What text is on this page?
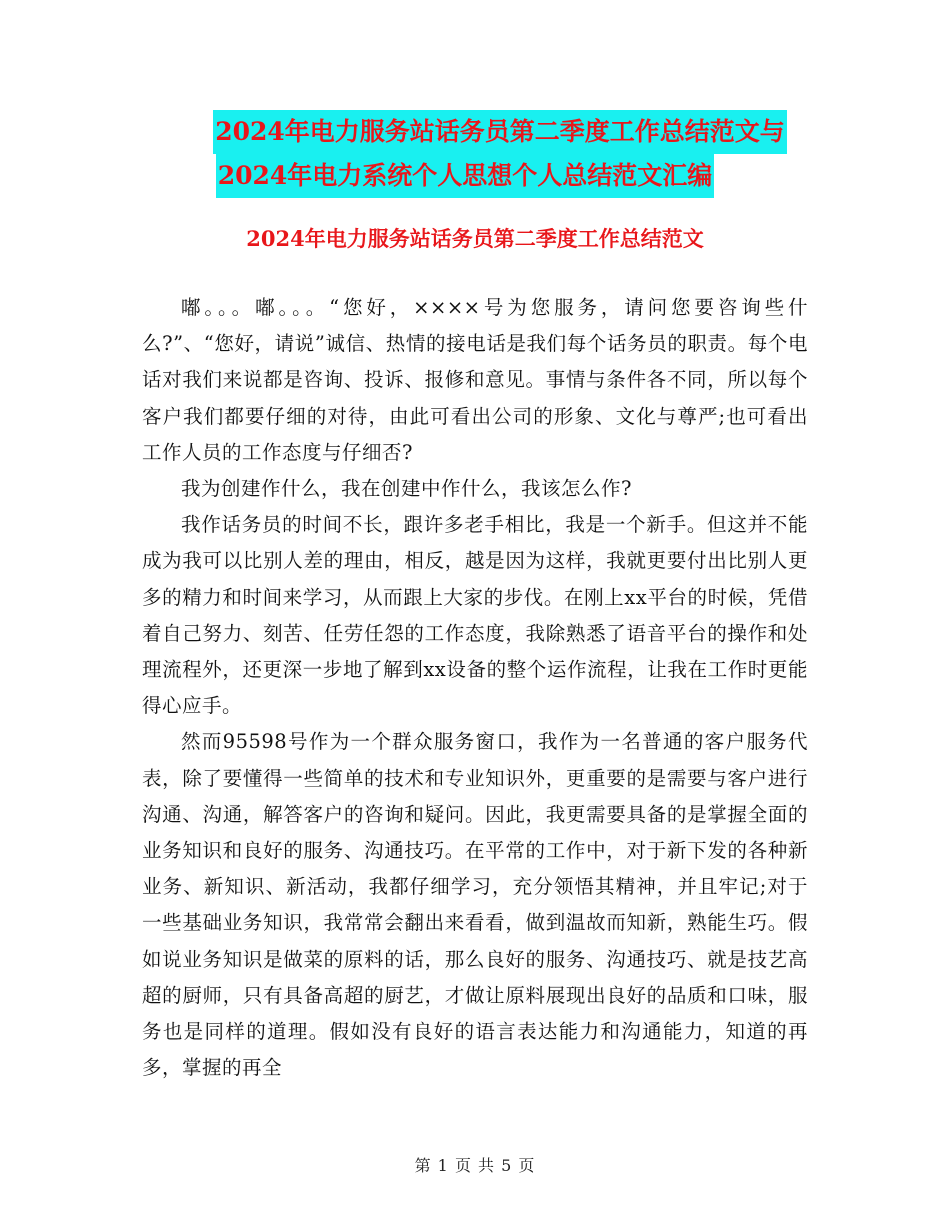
2024年电力服务站话务员第二季度工作总结范文与
2024年电力系统个人思想个人总结范文汇编
2024年电力服务站话务员第二季度工作总结范文

嘟。。。嘟。。。“您好，××××号为您服务，请问您要咨询些什么?”、“您好，请说”诚信、热情的接电话是我们每个话务员的职责。每个电话对我们来说都是咨询、投诉、报修和意见。事情与条件各不同，所以每个客户我们都要仔细的对待，由此可看出公司的形象、文化与尊严;也可看出工作人员的工作态度与仔细否?

我为创建作什么，我在创建中作什么，我该怎么作?

我作话务员的时间不长，跟许多老手相比，我是一个新手。但这并不能成为我可以比别人差的理由，相反，越是因为这样，我就更要付出比别人更多的精力和时间来学习，从而跟上大家的步伐。在刚上xx平台的时候，凭借着自己努力、刻苦、任劳任怨的工作态度，我除熟悉了语音平台的操作和处理流程外，还更深一步地了解到xx设备的整个运作流程，让我在工作时更能得心应手。

然而95598号作为一个群众服务窗口，我作为一名普通的客户服务代表，除了要懂得一些简单的技术和专业知识外，更重要的是需要与客户进行沟通、沟通，解答客户的咨询和疑问。因此，我更需要具备的是掌握全面的业务知识和良好的服务、沟通技巧。在平常的工作中，对于新下发的各种新业务、新知识、新活动，我都仔细学习，充分领悟其精神，并且牢记;对于一些基础业务知识，我常常会翻出来看看，做到温故而知新，熟能生巧。假如说业务知识是做菜的原料的话，那么良好的服务、沟通技巧、就是技艺高超的厨师，只有具备高超的厨艺，才做让原料展现出良好的品质和口味，服务也是同样的道理。假如没有良好的语言表达能力和沟通能力，知道的再多，掌握的再全

第 1 页 共 5 页
